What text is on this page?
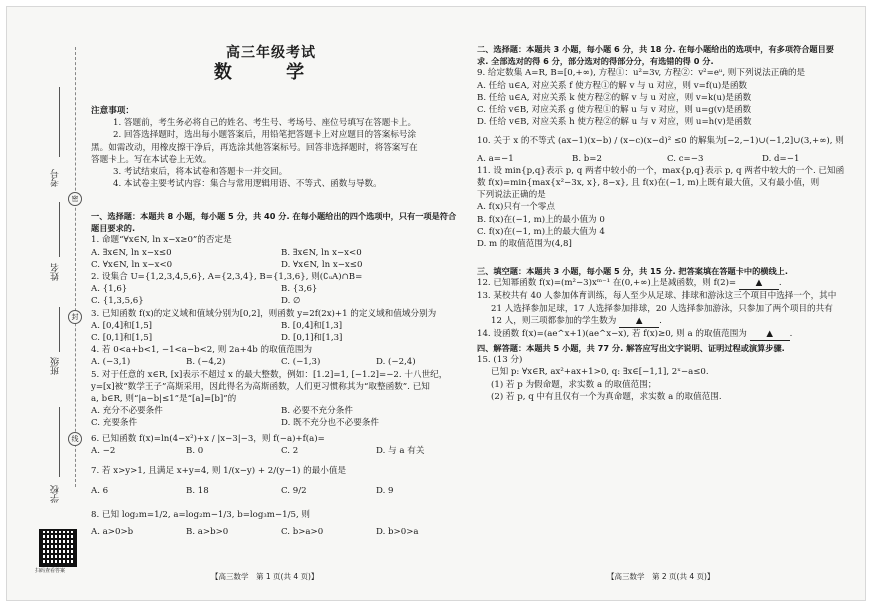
考号
密
姓名
封
班级
线
学校
扫码查看答案
高三年级考试
数 学
注意事项：
1. 答题前，考生务必将自己的姓名、考生号、考场号、座位号填写在答题卡上。
2. 回答选择题时，选出每小题答案后，用铅笔把答题卡上对应题目的答案标号涂
黑。如需改动，用橡皮擦干净后，再选涂其他答案标号。回答非选择题时，将答案写在
答题卡上。写在本试卷上无效。
3. 考试结束后，将本试卷和答题卡一并交回。
4. 本试卷主要考试内容：集合与常用逻辑用语、不等式、函数与导数。
一、选择题：本题共 8 小题，每小题 5 分，共 40 分. 在每小题给出的四个选项中，只有一项是符合
题目要求的.
1. 命题“∀x∈N, ln x−x≥0”的否定是
A. ∃x∈N, ln x−x≤0	B. ∃x∈N, ln x−x<0
C. ∀x∈N, ln x−x<0	D. ∀x∈N, ln x−x≤0
2. 设集合 U={1,2,3,4,5,6}, A={2,3,4}, B={1,3,6}, 则(∁ᵤA)∩B=
A. {1,6}	B. {3,6}
C. {1,3,5,6}	D. ∅
3. 已知函数 f(x)的定义域和值域分别为[0,2]，则函数 y=2f(2x)+1 的定义域和值域分别为
A. [0,4]和[1,5]	B. [0,4]和[1,3]
C. [0,1]和[1,5]	D. [0,1]和[1,3]
4. 若 0<a+b<1, −1<a−b<2, 则 2a+4b 的取值范围为
A. (−3,1)	B. (−4,2)	C. (−1,3)	D. (−2,4)
5. 对于任意的 x∈R, [x]表示不超过 x 的最大整数，例如：[1.2]=1, [−1.2]=−2. 十八世纪，
y=[x]被“数学王子”高斯采用，因此得名为高斯函数，人们更习惯称其为“取整函数”. 已知
a, b∈R, 则“|a−b|≤1”是“[a]=[b]”的
A. 充分不必要条件	B. 必要不充分条件
C. 充要条件	D. 既不充分也不必要条件
6. 已知函数 f(x)=ln(4−x²)+x / |x−3|−3，则 f(−a)+f(a)=
A. −2	B. 0	C. 2	D. 与 a 有关
7. 若 x>y>1, 且满足 x+y=4, 则 1/(x−y) + 2/(y−1) 的最小值是
A. 6	B. 18	C. 9/2	D. 9
8. 已知 log₂m=1/2, a=log₂m−1/3, b=log₃m−1/5, 则
A. a>0>b	B. a>b>0	C. b>a>0	D. b>0>a
【高三数学　第 1 页(共 4 页)】
二、选择题：本题共 3 小题，每小题 6 分，共 18 分. 在每小题给出的选项中，有多项符合题目要
求. 全部选对的得 6 分，部分选对的得部分分，有选错的得 0 分.
9. 给定数集 A=R, B=[0,+∞), 方程①：u²=3v, 方程②：v²=eᵘ, 则下列说法正确的是
A. 任给 u∈A, 对应关系 f 使方程①的解 v 与 u 对应，则 v=f(u)是函数
B. 任给 u∈A, 对应关系 k 使方程②的解 v 与 u 对应，则 v=k(u)是函数
C. 任给 v∈B, 对应关系 g 使方程①的解 u 与 v 对应，则 u=g(v)是函数
D. 任给 v∈B, 对应关系 h 使方程②的解 u 与 v 对应，则 u=h(v)是函数
10. 关于 x 的不等式 (ax−1)(x−b) / (x−c)(x−d)² ≤0 的解集为[−2,−1)∪(−1,2]∪(3,+∞), 则
A. a=−1	B. b=2	C. c=−3	D. d=−1
11. 设 min{p,q}表示 p, q 两者中较小的一个，max{p,q}表示 p, q 两者中较大的一个. 已知函
数 f(x)=min{max{x²−3x, x}, 8−x}, 且 f(x)在(−1, m)上既有最大值，又有最小值，则
下列说法正确的是
A. f(x)只有一个零点
B. f(x)在(−1, m)上的最小值为 0
C. f(x)在(−1, m)上的最大值为 4
D. m 的取值范围为(4,8]
三、填空题：本题共 3 小题，每小题 5 分，共 15 分. 把答案填在答题卡中的横线上.
12. 已知幂函数 f(x)=(m²−3)xᵐ⁻¹ 在(0,+∞)上是减函数，则 f(2)= ▲ .
13. 某校共有 40 人参加体育训练，每人至少从足球、排球和游泳这三个项目中选择一个，其中
21 人选择参加足球，17 人选择参加排球，20 人选择参加游泳，只参加了两个项目的共有
12 人，则三项都参加的学生数为 ▲ .
14. 设函数 f(x)=(ae^x+1)(ae^x−x), 若 f(x)≥0, 则 a 的取值范围为 ▲ .
四、解答题：本题共 5 小题，共 77 分. 解答应写出文字说明、证明过程或演算步骤.
15. (13 分)
已知 p: ∀x∈R, ax²+ax+1>0, q: ∃x∈[−1,1], 2ˣ−a≤0.
(1) 若 p 为假命题，求实数 a 的取值范围；
(2) 若 p, q 中有且仅有一个为真命题，求实数 a 的取值范围.
【高三数学　第 2 页(共 4 页)】
